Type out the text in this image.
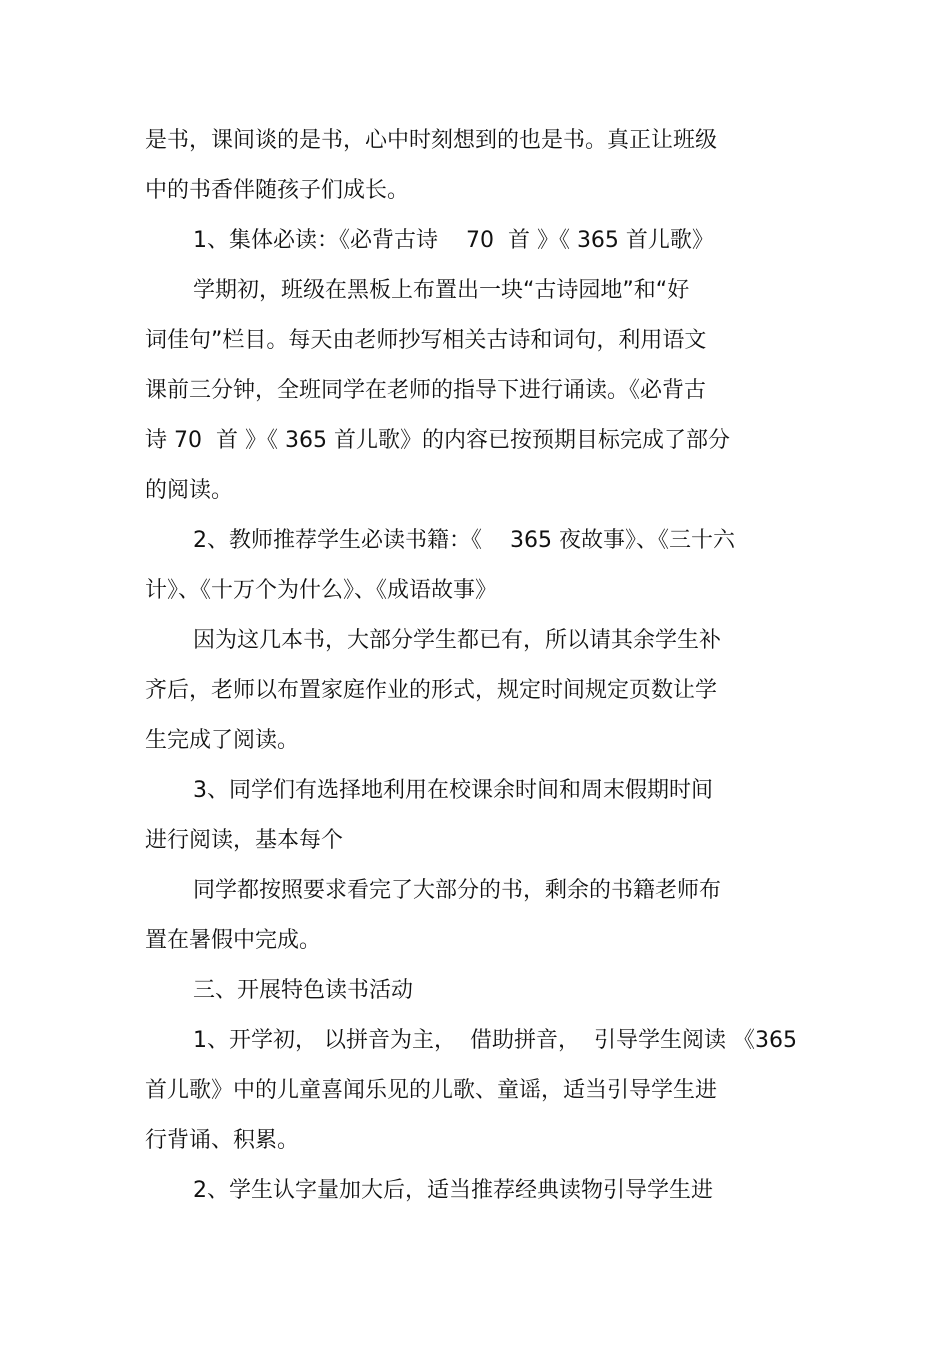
是书，课间谈的是书，心中时刻想到的也是书。真正让班级

中的书香伴随孩子们成长。

1、集体必读：《必背古诗    70  首 》《 365 首儿歌》

学期初，班级在黑板上布置出一块“古诗园地”和“好

词佳句”栏目。每天由老师抄写相关古诗和词句，利用语文

课前三分钟，全班同学在老师的指导下进行诵读。《必背古

诗 70  首 》《 365 首儿歌》的内容已按预期目标完成了部分

的阅读。

2、教师推荐学生必读书籍：《    365 夜故事》、《三十六

计》、《十万个为什么》、《成语故事》

因为这几本书，大部分学生都已有，所以请其余学生补

齐后，老师以布置家庭作业的形式，规定时间规定页数让学

生完成了阅读。

3、同学们有选择地利用在校课余时间和周末假期时间

进行阅读，基本每个

同学都按照要求看完了大部分的书，剩余的书籍老师布

置在暑假中完成。

三、开展特色读书活动

1、开学初， 以拼音为主，  借助拼音，  引导学生阅读 《365

首儿歌》中的儿童喜闻乐见的儿歌、童谣，适当引导学生进

行背诵、积累。

2、学生认字量加大后，适当推荐经典读物引导学生进
